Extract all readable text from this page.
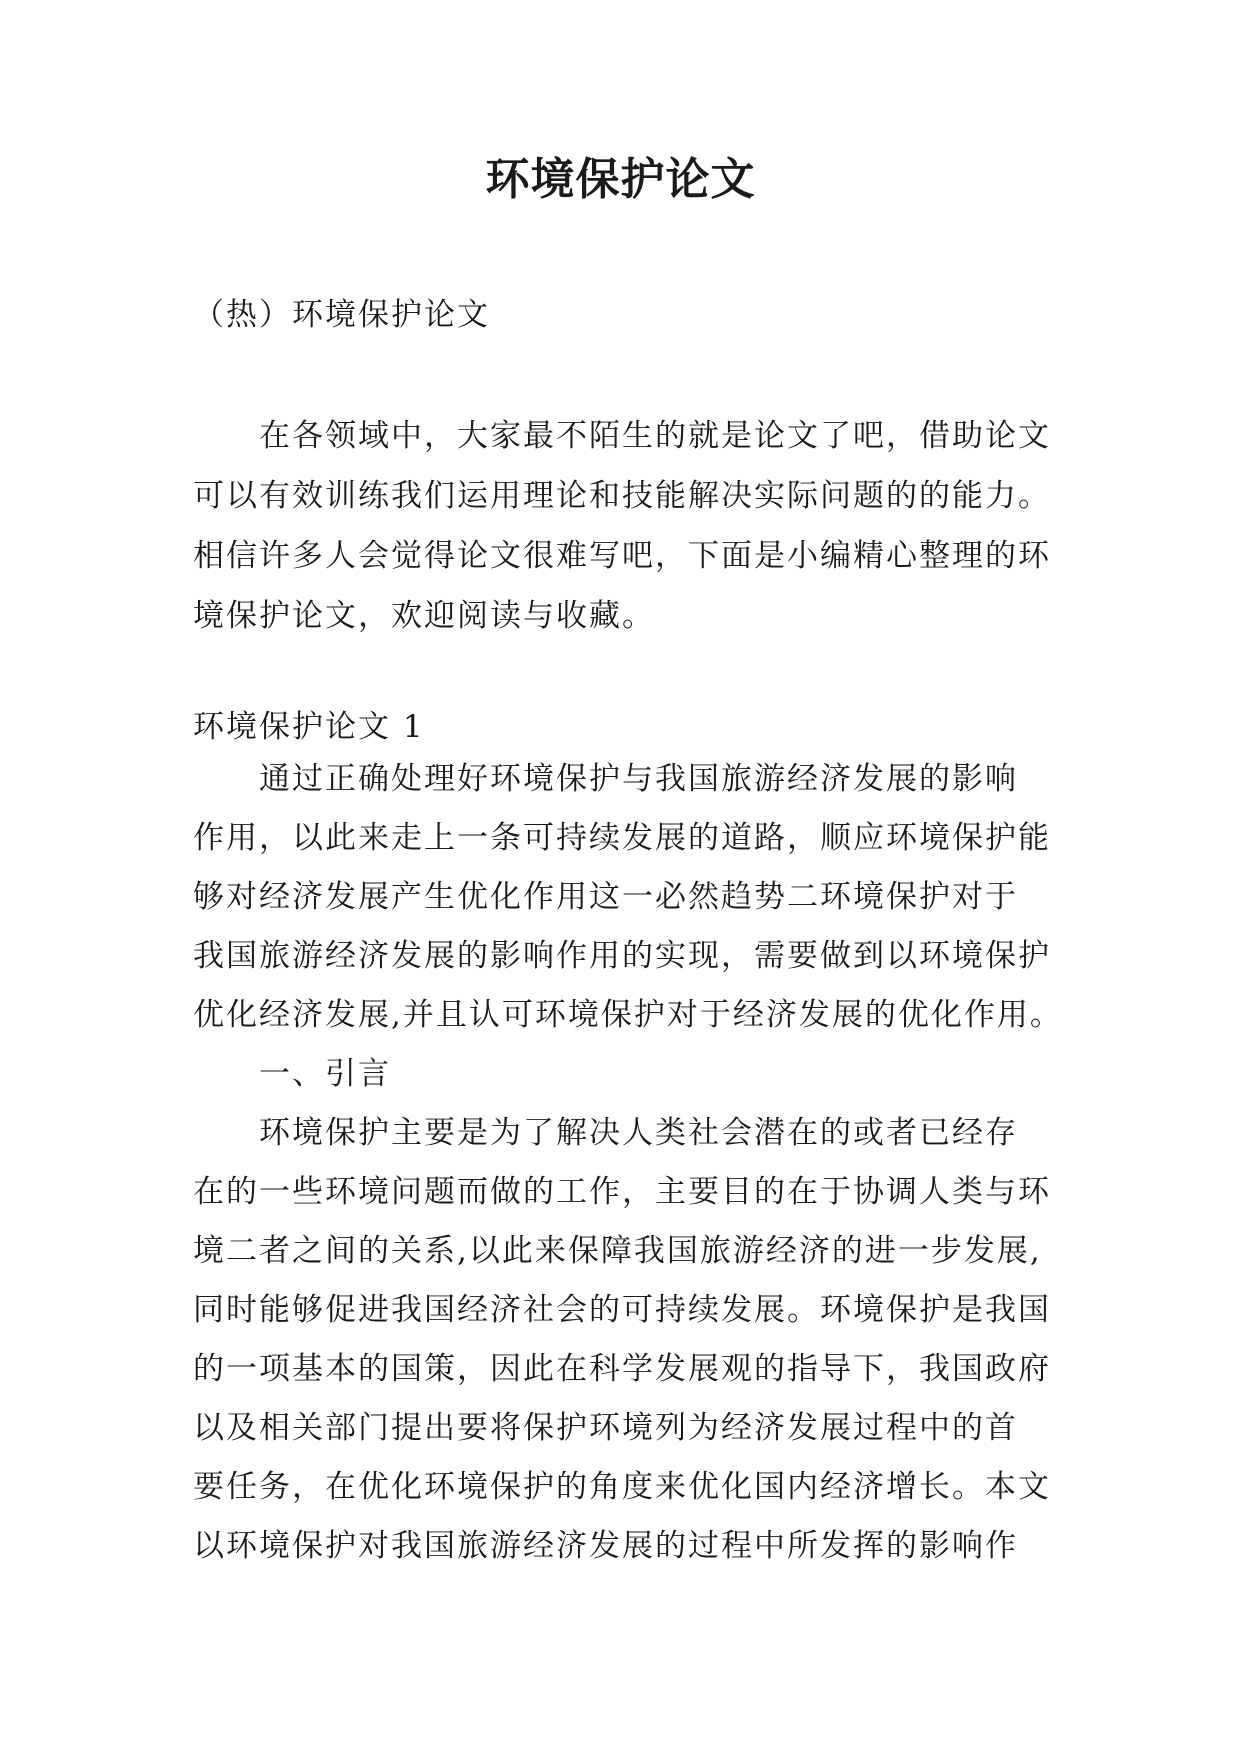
环境保护论文

（热）环境保护论文

在各领域中，大家最不陌生的就是论文了吧，借助论文
可以有效训练我们运用理论和技能解决实际问题的的能力。
相信许多人会觉得论文很难写吧，下面是小编精心整理的环
境保护论文，欢迎阅读与收藏。

环境保护论文 1

通过正确处理好环境保护与我国旅游经济发展的影响
作用，以此来走上一条可持续发展的道路，顺应环境保护能
够对经济发展产生优化作用这一必然趋势二环境保护对于
我国旅游经济发展的影响作用的实现，需要做到以环境保护
优化经济发展,并且认可环境保护对于经济发展的优化作用。
一、引言
环境保护主要是为了解决人类社会潜在的或者已经存
在的一些环境问题而做的工作，主要目的在于协调人类与环
境二者之间的关系,以此来保障我国旅游经济的进一步发展,
同时能够促进我国经济社会的可持续发展。环境保护是我国
的一项基本的国策，因此在科学发展观的指导下，我国政府
以及相关部门提出要将保护环境列为经济发展过程中的首
要任务，在优化环境保护的角度来优化国内经济增长。本文
以环境保护对我国旅游经济发展的过程中所发挥的影响作
